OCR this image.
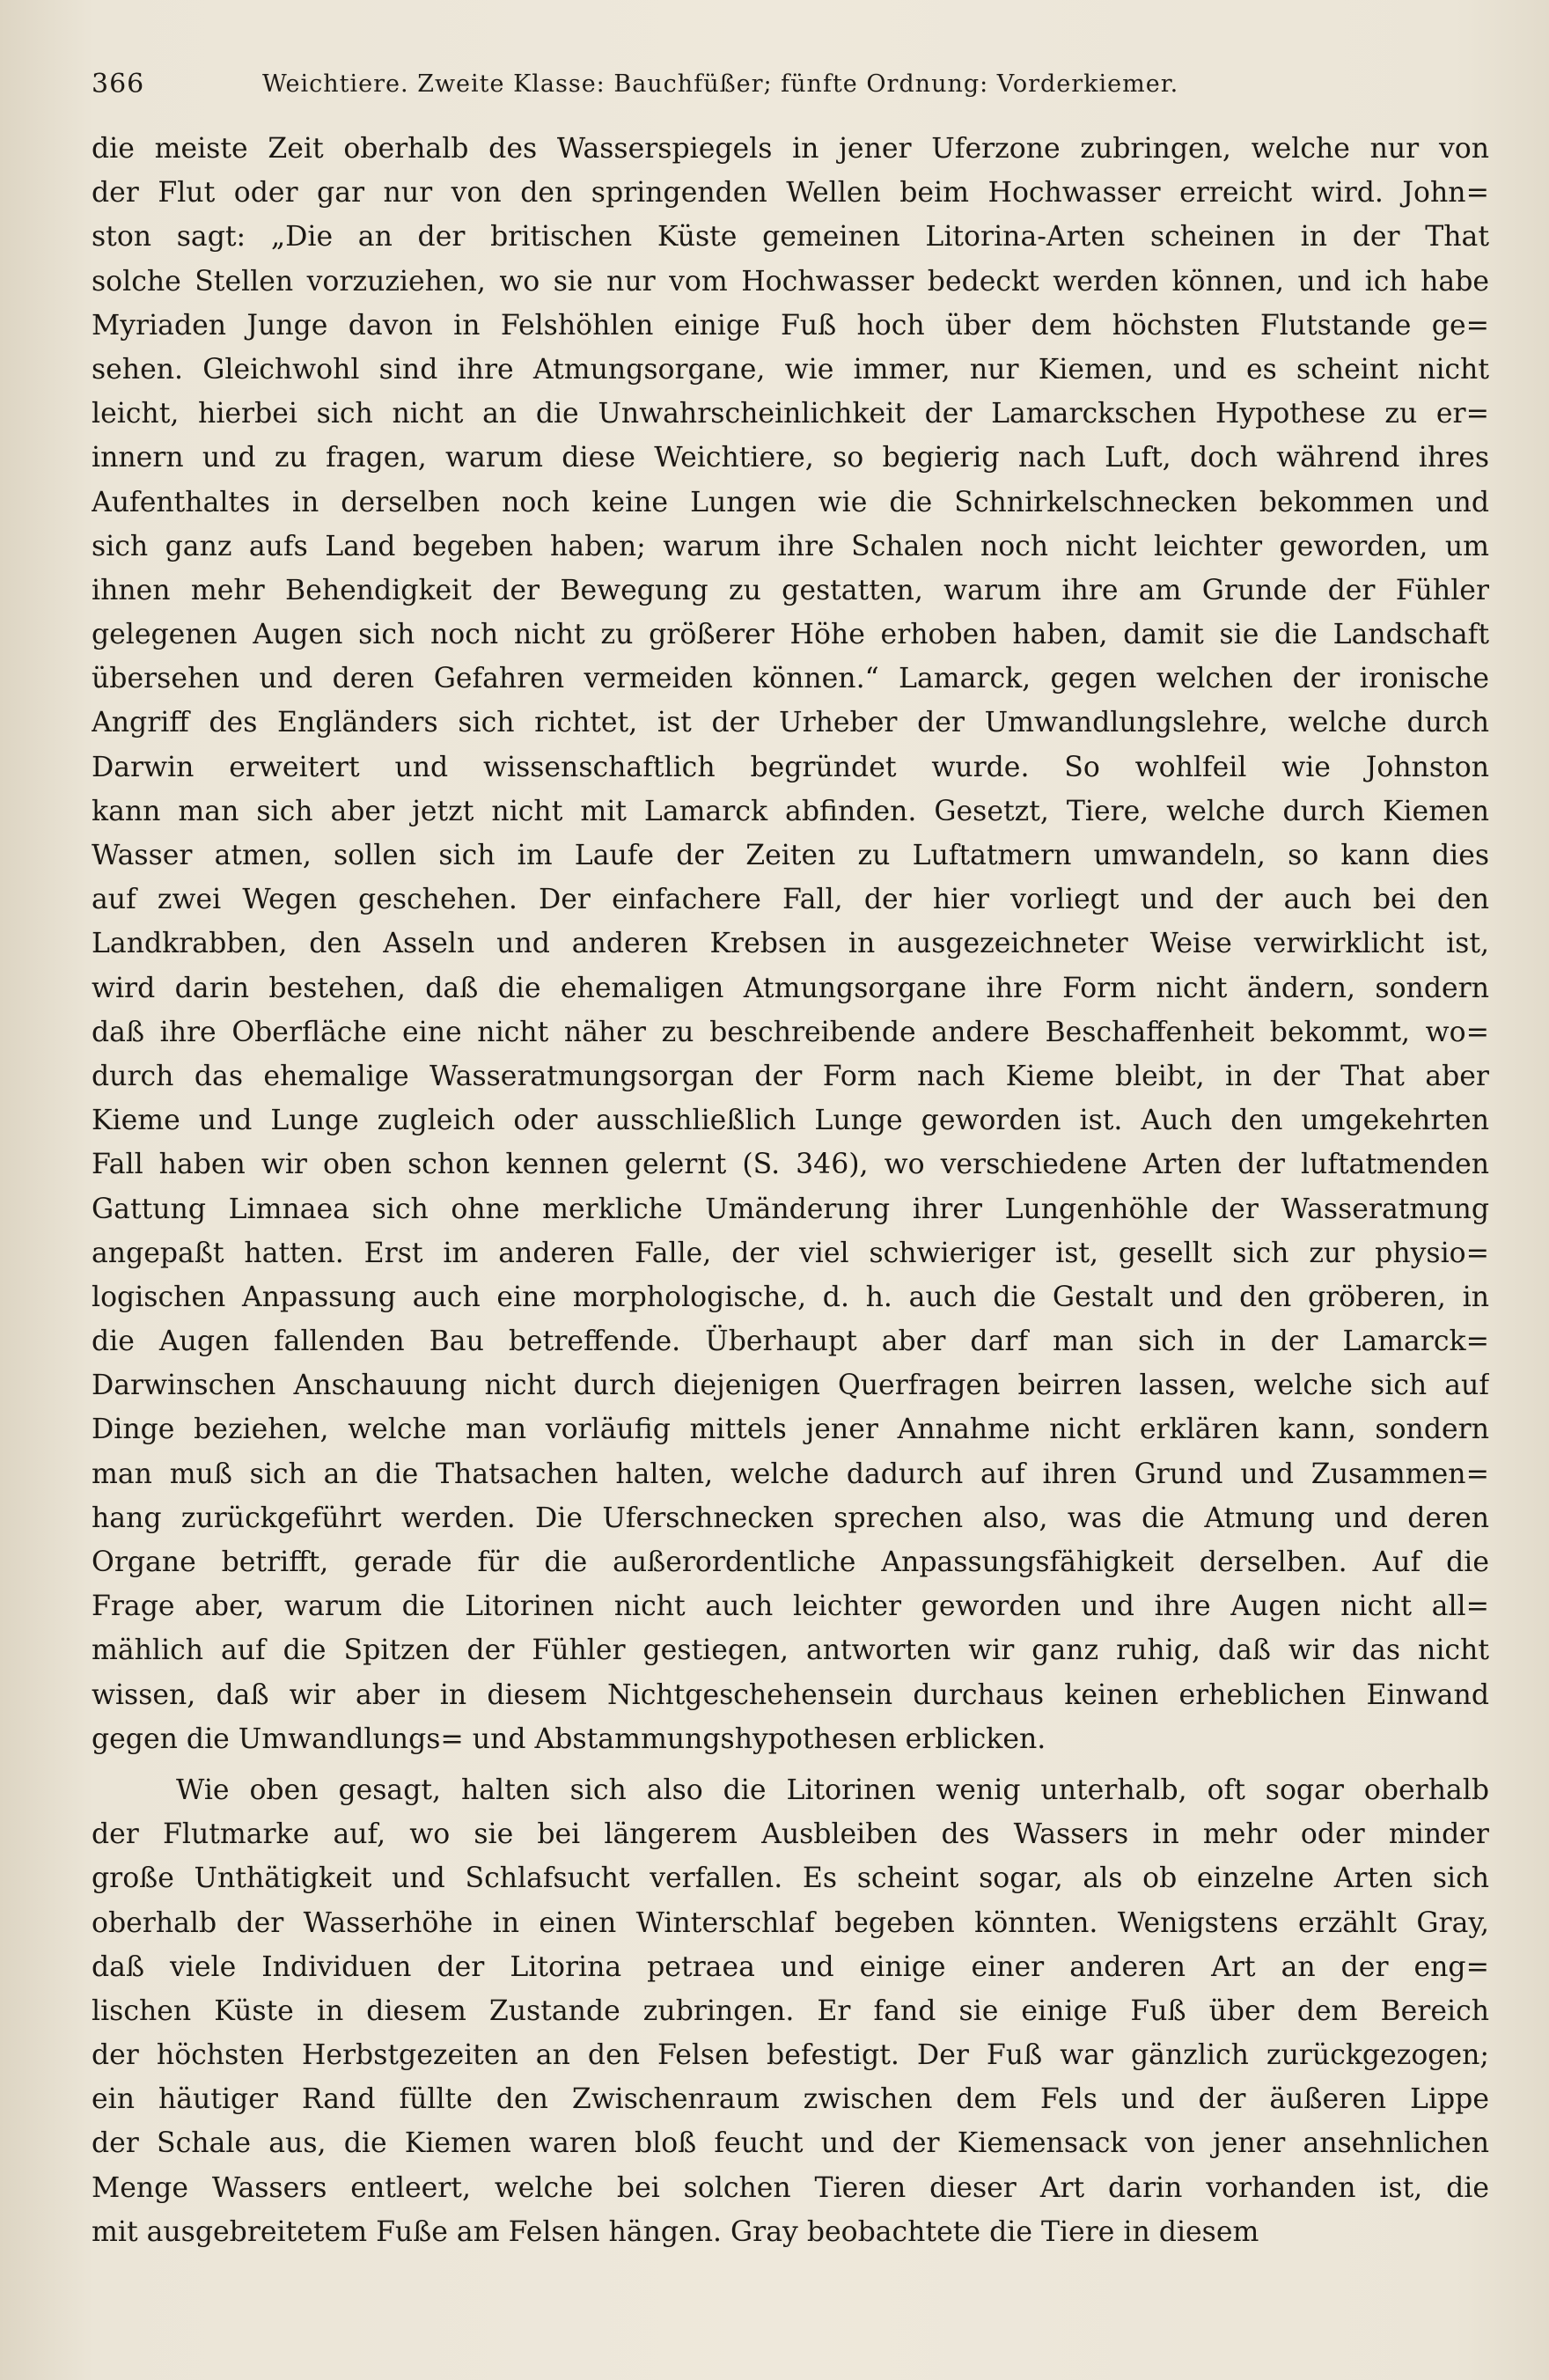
366	Weichtiere. Zweite Klasse: Bauchfüßer; fünfte Ordnung: Vorderkiemer.
die meiste Zeit oberhalb des Wasserspiegels in jener Uferzone zubringen, welche nur von
der Flut oder gar nur von den springenden Wellen beim Hochwasser erreicht wird. John=
ston sagt: „Die an der britischen Küste gemeinen Litorina-Arten scheinen in der That
solche Stellen vorzuziehen, wo sie nur vom Hochwasser bedeckt werden können, und ich habe
Myriaden Junge davon in Felshöhlen einige Fuß hoch über dem höchsten Flutstande ge=
sehen. Gleichwohl sind ihre Atmungsorgane, wie immer, nur Kiemen, und es scheint nicht
leicht, hierbei sich nicht an die Unwahrscheinlichkeit der Lamarckschen Hypothese zu er=
innern und zu fragen, warum diese Weichtiere, so begierig nach Luft, doch während ihres
Aufenthaltes in derselben noch keine Lungen wie die Schnirkelschnecken bekommen und
sich ganz aufs Land begeben haben; warum ihre Schalen noch nicht leichter geworden, um
ihnen mehr Behendigkeit der Bewegung zu gestatten, warum ihre am Grunde der Fühler
gelegenen Augen sich noch nicht zu größerer Höhe erhoben haben, damit sie die Landschaft
übersehen und deren Gefahren vermeiden können.“ Lamarck, gegen welchen der ironische
Angriff des Engländers sich richtet, ist der Urheber der Umwandlungslehre, welche durch
Darwin erweitert und wissenschaftlich begründet wurde. So wohlfeil wie Johnston
kann man sich aber jetzt nicht mit Lamarck abfinden. Gesetzt, Tiere, welche durch Kiemen
Wasser atmen, sollen sich im Laufe der Zeiten zu Luftatmern umwandeln, so kann dies
auf zwei Wegen geschehen. Der einfachere Fall, der hier vorliegt und der auch bei den
Landkrabben, den Asseln und anderen Krebsen in ausgezeichneter Weise verwirklicht ist,
wird darin bestehen, daß die ehemaligen Atmungsorgane ihre Form nicht ändern, sondern
daß ihre Oberfläche eine nicht näher zu beschreibende andere Beschaffenheit bekommt, wo=
durch das ehemalige Wasseratmungsorgan der Form nach Kieme bleibt, in der That aber
Kieme und Lunge zugleich oder ausschließlich Lunge geworden ist. Auch den umgekehrten
Fall haben wir oben schon kennen gelernt (S. 346), wo verschiedene Arten der luftatmenden
Gattung Limnaea sich ohne merkliche Umänderung ihrer Lungenhöhle der Wasseratmung
angepaßt hatten. Erst im anderen Falle, der viel schwieriger ist, gesellt sich zur physio=
logischen Anpassung auch eine morphologische, d. h. auch die Gestalt und den gröberen, in
die Augen fallenden Bau betreffende. Überhaupt aber darf man sich in der Lamarck=
Darwinschen Anschauung nicht durch diejenigen Querfragen beirren lassen, welche sich auf
Dinge beziehen, welche man vorläufig mittels jener Annahme nicht erklären kann, sondern
man muß sich an die Thatsachen halten, welche dadurch auf ihren Grund und Zusammen=
hang zurückgeführt werden. Die Uferschnecken sprechen also, was die Atmung und deren
Organe betrifft, gerade für die außerordentliche Anpassungsfähigkeit derselben. Auf die
Frage aber, warum die Litorinen nicht auch leichter geworden und ihre Augen nicht all=
mählich auf die Spitzen der Fühler gestiegen, antworten wir ganz ruhig, daß wir das nicht
wissen, daß wir aber in diesem Nichtgeschehensein durchaus keinen erheblichen Einwand
gegen die Umwandlungs= und Abstammungshypothesen erblicken.
Wie oben gesagt, halten sich also die Litorinen wenig unterhalb, oft sogar oberhalb
der Flutmarke auf, wo sie bei längerem Ausbleiben des Wassers in mehr oder minder
große Unthätigkeit und Schlafsucht verfallen. Es scheint sogar, als ob einzelne Arten sich
oberhalb der Wasserhöhe in einen Winterschlaf begeben könnten. Wenigstens erzählt Gray,
daß viele Individuen der Litorina petraea und einige einer anderen Art an der eng=
lischen Küste in diesem Zustande zubringen. Er fand sie einige Fuß über dem Bereich
der höchsten Herbstgezeiten an den Felsen befestigt. Der Fuß war gänzlich zurückgezogen;
ein häutiger Rand füllte den Zwischenraum zwischen dem Fels und der äußeren Lippe
der Schale aus, die Kiemen waren bloß feucht und der Kiemensack von jener ansehnlichen
Menge Wassers entleert, welche bei solchen Tieren dieser Art darin vorhanden ist, die
mit ausgebreitetem Fuße am Felsen hängen. Gray beobachtete die Tiere in diesem
